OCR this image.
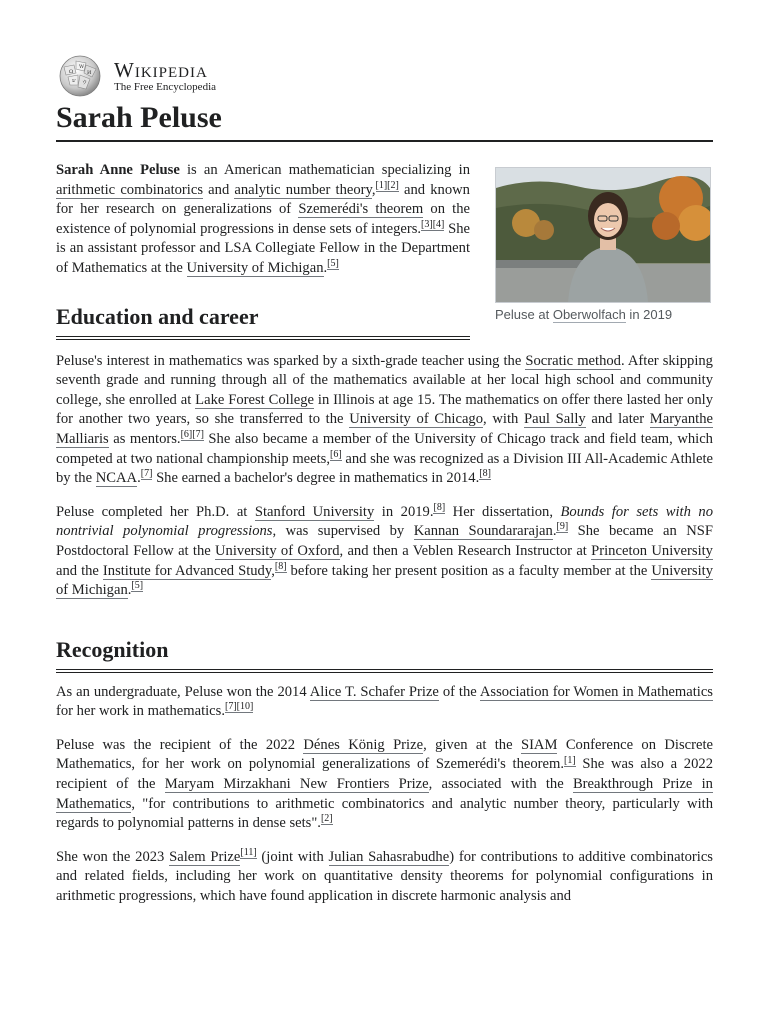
Ω
W
И
ש ウ
Wikipedia
The Free Encyclopedia
Sarah Peluse

Sarah Anne Peluse is an American mathematician specializing in arithmetic combinatorics and analytic number theory,[1][2] and known for her research on generalizations of Szemerédi's theorem on the existence of polynomial progressions in dense sets of integers.[3][4] She is an assistant professor and LSA Collegiate Fellow in the Department of Mathematics at the University of Michigan.[5]

Peluse at Oberwolfach in 2019
Education and career

Peluse's interest in mathematics was sparked by a sixth-grade teacher using the Socratic method. After skipping seventh grade and running through all of the mathematics available at her local high school and community college, she enrolled at Lake Forest College in Illinois at age 15. The mathematics on offer there lasted her only for another two years, so she transferred to the University of Chicago, with Paul Sally and later Maryanthe Malliaris as mentors.[6][7] She also became a member of the University of Chicago track and field team, which competed at two national championship meets,[6] and she was recognized as a Division III All-Academic Athlete by the NCAA.[7] She earned a bachelor's degree in mathematics in 2014.[8]

Peluse completed her Ph.D. at Stanford University in 2019.[8] Her dissertation, Bounds for sets with no nontrivial polynomial progressions, was supervised by Kannan Soundararajan.[9] She became an NSF Postdoctoral Fellow at the University of Oxford, and then a Veblen Research Instructor at Princeton University and the Institute for Advanced Study,[8] before taking her present position as a faculty member at the University of Michigan.[5]

Recognition

As an undergraduate, Peluse won the 2014 Alice T. Schafer Prize of the Association for Women in Mathematics for her work in mathematics.[7][10]

Peluse was the recipient of the 2022 Dénes König Prize, given at the SIAM Conference on Discrete Mathematics, for her work on polynomial generalizations of Szemerédi's theorem.[1] She was also a 2022 recipient of the Maryam Mirzakhani New Frontiers Prize, associated with the Breakthrough Prize in Mathematics, "for contributions to arithmetic combinatorics and analytic number theory, particularly with regards to polynomial patterns in dense sets".[2]

She won the 2023 Salem Prize[11] (joint with Julian Sahasrabudhe) for contributions to additive combinatorics and related fields, including her work on quantitative density theorems for polynomial configurations in arithmetic progressions, which have found application in discrete harmonic analysis and
